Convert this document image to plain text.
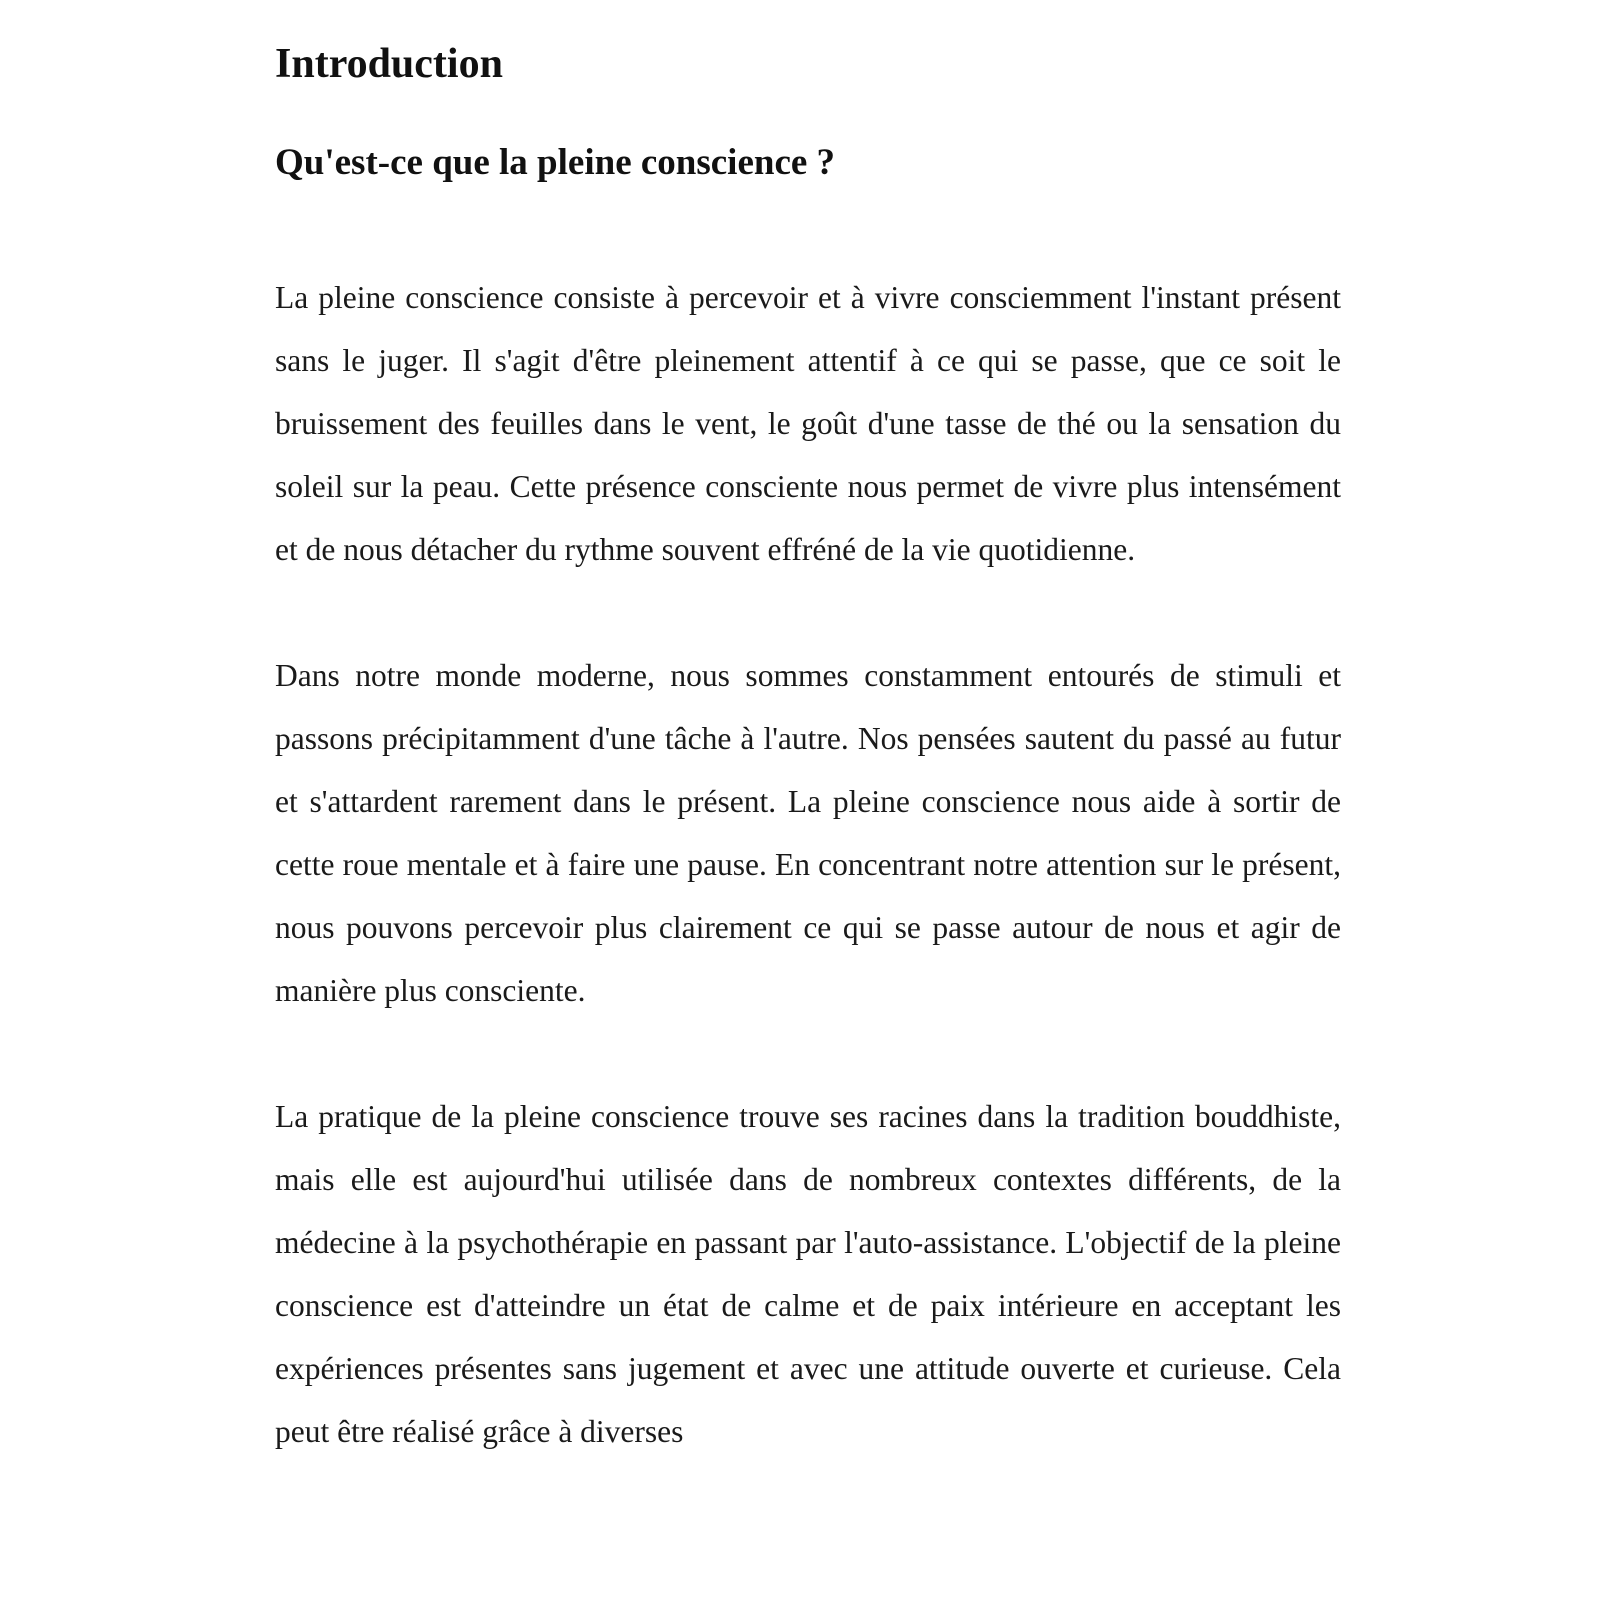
Introduction
Qu'est-ce que la pleine conscience ?

La pleine conscience consiste à percevoir et à vivre consciemment l'instant présent sans le juger. Il s'agit d'être pleinement attentif à ce qui se passe, que ce soit le bruissement des feuilles dans le vent, le goût d'une tasse de thé ou la sensation du soleil sur la peau. Cette présence consciente nous permet de vivre plus intensément et de nous détacher du rythme souvent effréné de la vie quotidienne.

Dans notre monde moderne, nous sommes constamment entourés de stimuli et passons précipitamment d'une tâche à l'autre. Nos pensées sautent du passé au futur et s'attardent rarement dans le présent. La pleine conscience nous aide à sortir de cette roue mentale et à faire une pause. En concentrant notre attention sur le présent, nous pouvons percevoir plus clairement ce qui se passe autour de nous et agir de manière plus consciente.

La pratique de la pleine conscience trouve ses racines dans la tradition bouddhiste, mais elle est aujourd'hui utilisée dans de nombreux contextes différents, de la médecine à la psychothérapie en passant par l'auto-assistance. L'objectif de la pleine conscience est d'atteindre un état de calme et de paix intérieure en acceptant les expériences présentes sans jugement et avec une attitude ouverte et curieuse. Cela peut être réalisé grâce à diverses
